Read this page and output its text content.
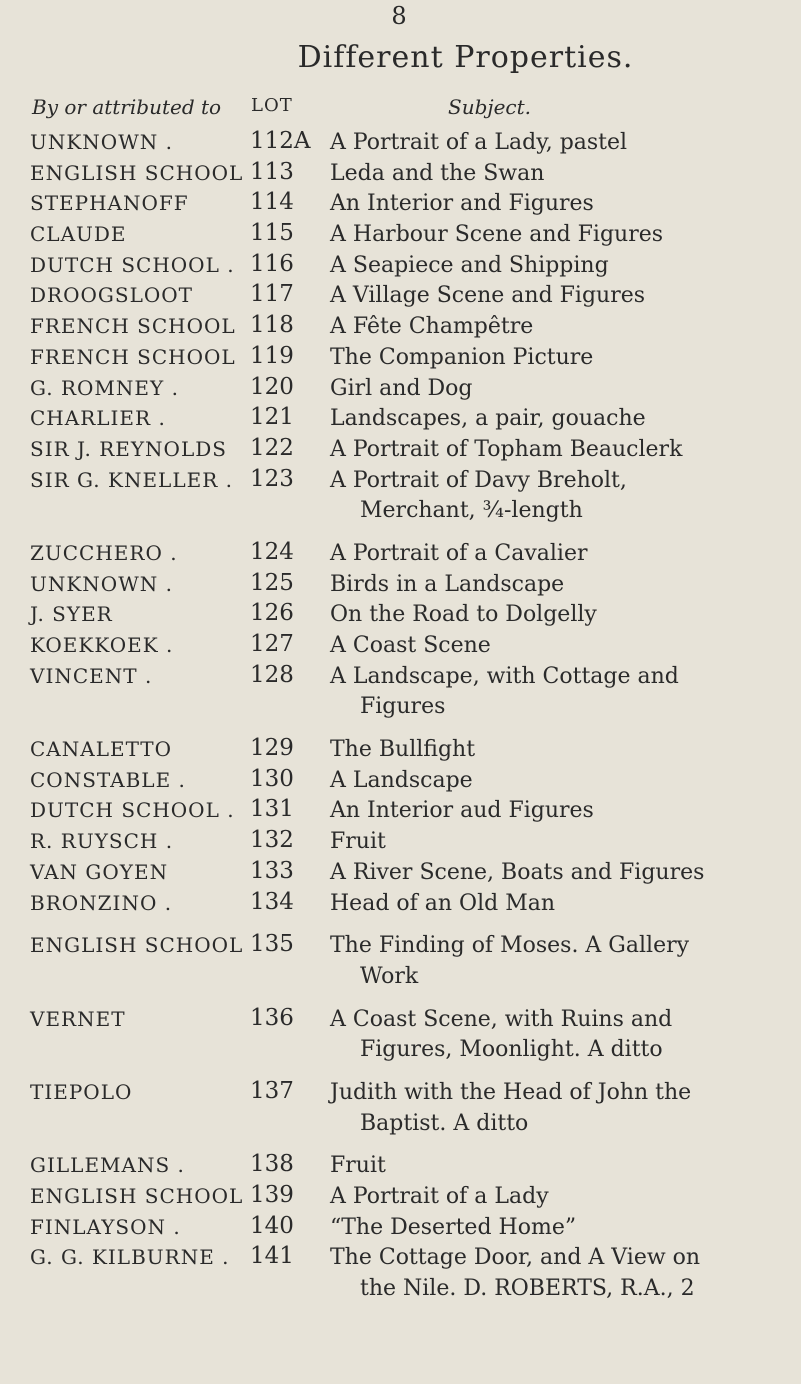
8
Different Properties.
By or attributed to LOT	Subject.
UNKNOWN .	112A A Portrait of a Lady, pastel
ENGLISH SCHOOL 113	Leda and the Swan
STEPHANOFF	114	An Interior and Figures
CLAUDE	115	A Harbour Scene and Figures
DUTCH SCHOOL . 116	A Seapiece and Shipping
DROOGSLOOT 117	A Village Scene and Figures
FRENCH SCHOOL 118	A Fête Champêtre
FRENCH SCHOOL 119	The Companion Picture
G. ROMNEY .	120	Girl and Dog
CHARLIER .	121	Landscapes, a pair, gouache
SIR J. REYNOLDS 122	A Portrait of Topham Beauclerk
SIR G. KNELLER . 123	A Portrait of Davy Breholt,
Merchant, ¾-length
ZUCCHERO .	124	A Portrait of a Cavalier
UNKNOWN .	125	Birds in a Landscape
J. SYER	126	On the Road to Dolgelly
KOEKKOEK .	127	A Coast Scene
VINCENT .	128	A Landscape, with Cottage and
Figures
CANALETTO	129	The Bullfight
CONSTABLE .	130	A Landscape
DUTCH SCHOOL . 131	An Interior aud Figures
R. RUYSCH .	132	Fruit
VAN GOYEN	133	A River Scene, Boats and Figures
BRONZINO .	134	Head of an Old Man
ENGLISH SCHOOL 135	The Finding of Moses. A Gallery
Work
VERNET	136	A Coast Scene, with Ruins and
Figures, Moonlight. A ditto
TIEPOLO	137	Judith with the Head of John the
Baptist. A ditto
GILLEMANS .	138	Fruit
ENGLISH SCHOOL 139	A Portrait of a Lady
FINLAYSON .	140	“The Deserted Home”
G. G. KILBURNE . 141	The Cottage Door, and A View on
the Nile. D. ROBERTS, R.A., 2
